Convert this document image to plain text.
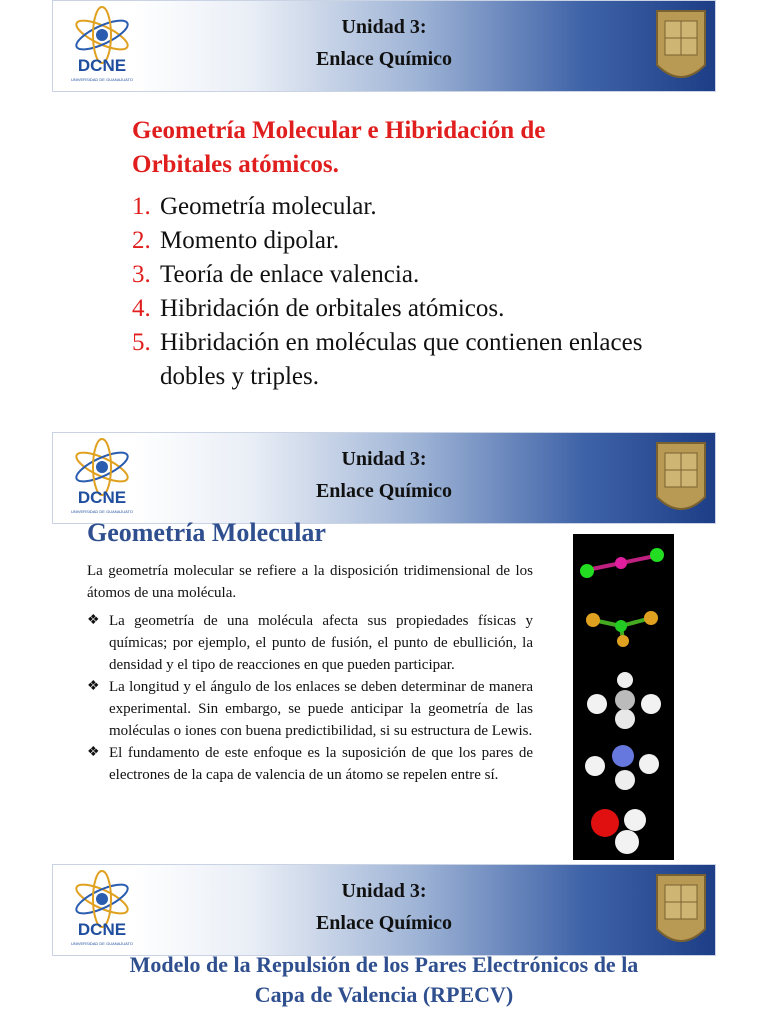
DCNE
UNIVERSIDAD DE GUANAJUATO
Unidad 3:
Enlace Químico
Geometría Molecular e Hibridación de
Orbitales atómicos.
1. Geometría molecular.
2. Momento dipolar.
3. Teoría de enlace valencia.
4. Hibridación de orbitales atómicos.
5. Hibridación en moléculas que contienen enlaces dobles y triples.
DCNE
UNIVERSIDAD DE GUANAJUATO
Unidad 3:
Enlace Químico
Geometría Molecular
La geometría molecular se refiere a la disposición tridimensional de los átomos de una molécula.
❖ La geometría de una molécula afecta sus propiedades físicas y químicas; por ejemplo, el punto de fusión, el punto de ebullición, la densidad y el tipo de reacciones en que pueden participar.
❖ La longitud y el ángulo de los enlaces se deben determinar de manera experimental. Sin embargo, se puede anticipar la geometría de las moléculas o iones con buena predictibilidad, si su estructura de Lewis.
❖ El fundamento de este enfoque es la suposición de que los pares de electrones de la capa de valencia de un átomo se repelen entre sí.
DCNE
UNIVERSIDAD DE GUANAJUATO
Unidad 3:
Enlace Químico
Modelo de la Repulsión de los Pares Electrónicos de la
Capa de Valencia (RPECV)
